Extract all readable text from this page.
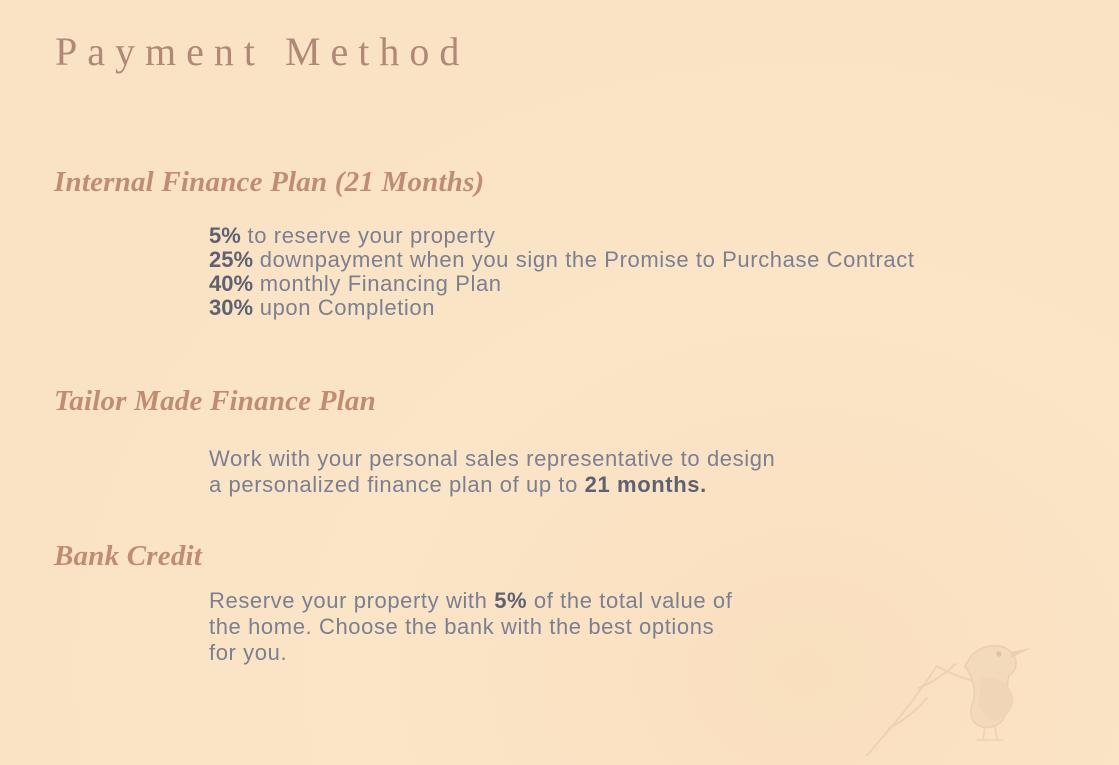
Payment Method
Internal Finance Plan (21 Months)
5% to reserve your property
25% downpayment when you sign the Promise to Purchase Contract
40% monthly Financing Plan
30% upon Completion
Tailor Made Finance Plan
Work with your personal sales representative to design
a personalized finance plan of up to 21 months.
Bank Credit
Reserve your property with 5% of the total value of
the home. Choose the bank with the best options
for you.
